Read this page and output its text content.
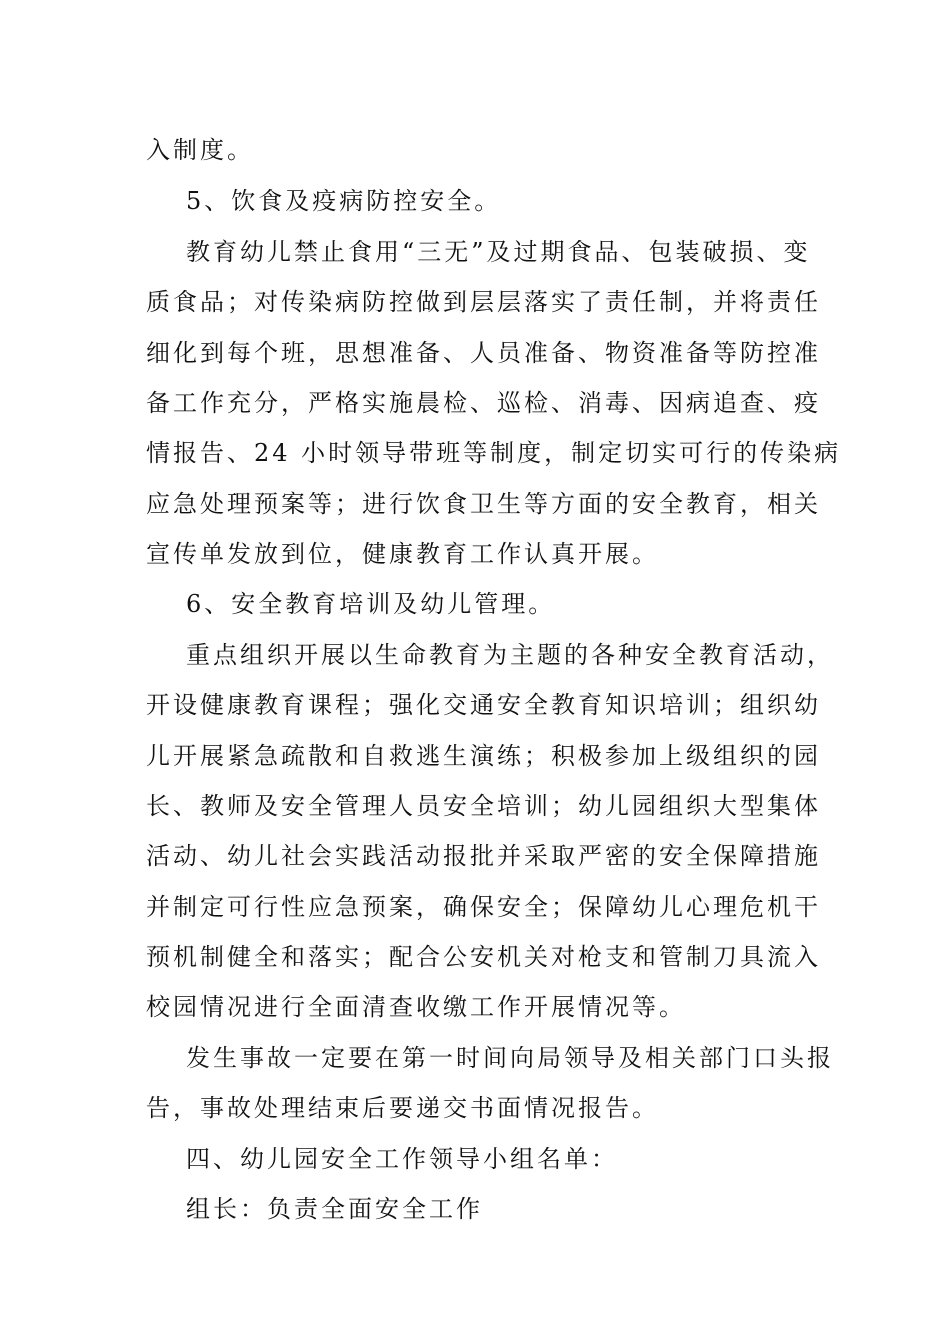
入制度。
5、饮食及疫病防控安全。
教育幼儿禁止食用“三无”及过期食品、包装破损、变
质食品；对传染病防控做到层层落实了责任制，并将责任
细化到每个班，思想准备、人员准备、物资准备等防控准
备工作充分，严格实施晨检、巡检、消毒、因病追查、疫
情报告、24 小时领导带班等制度，制定切实可行的传染病
应急处理预案等；进行饮食卫生等方面的安全教育，相关
宣传单发放到位，健康教育工作认真开展。
6、安全教育培训及幼儿管理。
重点组织开展以生命教育为主题的各种安全教育活动，
开设健康教育课程；强化交通安全教育知识培训；组织幼
儿开展紧急疏散和自救逃生演练；积极参加上级组织的园
长、教师及安全管理人员安全培训；幼儿园组织大型集体
活动、幼儿社会实践活动报批并采取严密的安全保障措施
并制定可行性应急预案，确保安全；保障幼儿心理危机干
预机制健全和落实；配合公安机关对枪支和管制刀具流入
校园情况进行全面清查收缴工作开展情况等。
发生事故一定要在第一时间向局领导及相关部门口头报
告，事故处理结束后要递交书面情况报告。
四、幼儿园安全工作领导小组名单：
组长：负责全面安全工作
